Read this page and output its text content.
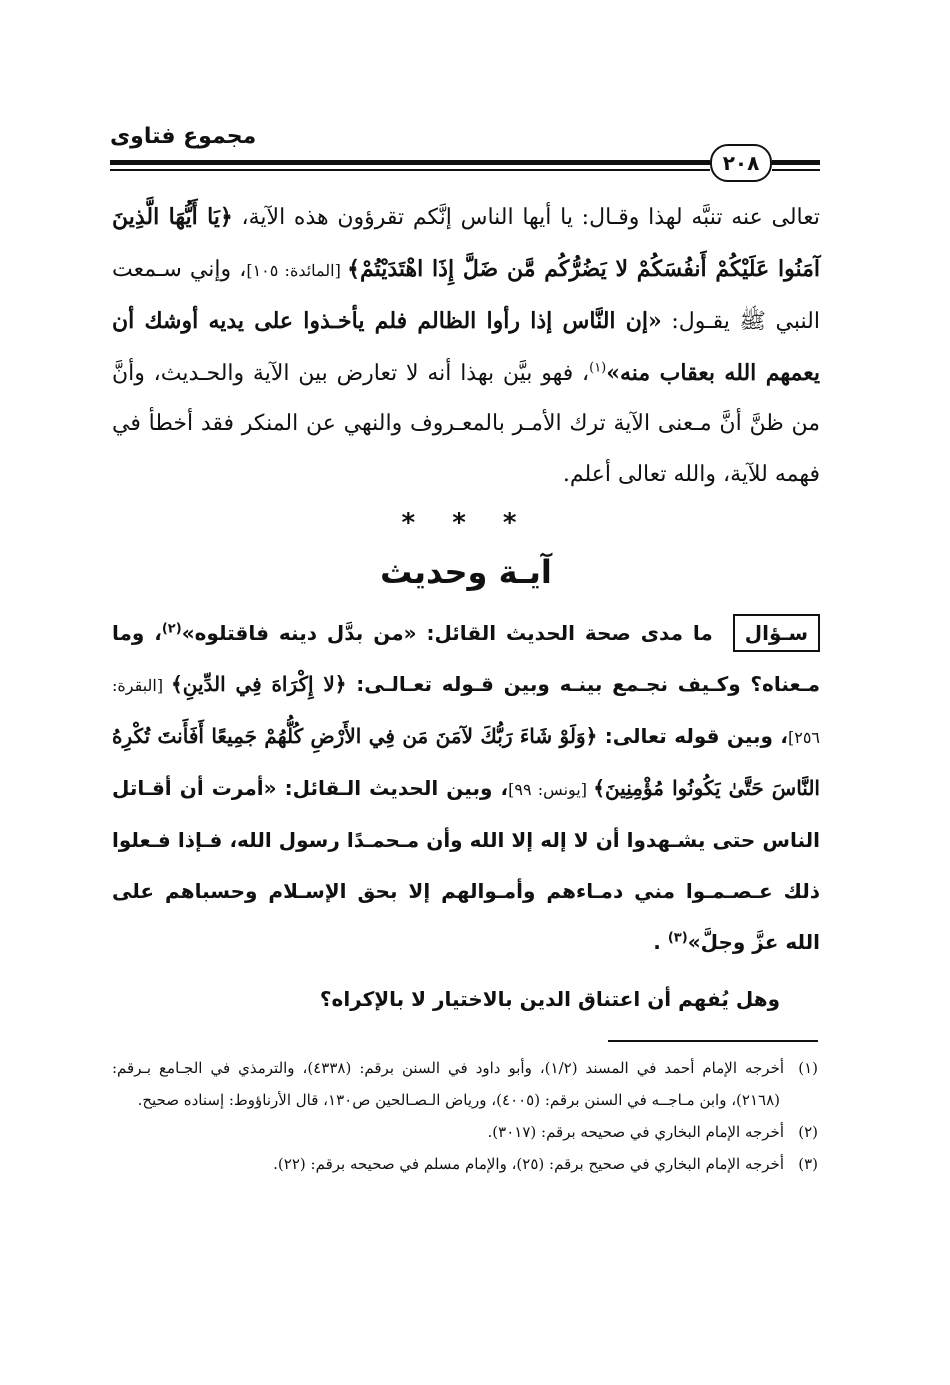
مجموع فتاوى
٢٠٨

تعالى عنه تنبَّه لهذا وقـال: يا أيها الناس إنَّكم تقرؤون هذه الآية، ﴿يَا أَيُّهَا الَّذِينَ آمَنُوا عَلَيْكُمْ أَنفُسَكُمْ لا يَضُرُّكُم مَّن ضَلَّ إِذَا اهْتَدَيْتُمْ﴾ [المائدة: ١٠٥]، وإني سـمعت النبي ﷺ يقـول: «إن النَّاس إذا رأوا الظالم فلم يأخـذوا على يديه أوشك أن يعمهم الله بعقاب منه»$^{(١)}$، فهو بيَّن بهذا أنه لا تعارض بين الآية والحـديث، وأنَّ من ظنَّ أنَّ مـعنى الآية ترك الأمـر بالمعـروف والنهي عن المنكر فقد أخطأ في فهمه للآية، والله تعالى أعلم.

* * *
آيـة وحديث

سـؤال ما مدى صحة الحديث القائل: «من بدَّل دينه فاقتلوه»$^{(٢)}$، وما مـعناه؟ وكـيف نجـمع بينـه وبين قـوله تعـالـى: ﴿لا إِكْرَاهَ فِي الدِّينِ﴾ [البقرة: ٢٥٦]، وبين قوله تعالى: ﴿وَلَوْ شَاءَ رَبُّكَ لآمَنَ مَن فِي الأَرْضِ كُلُّهُمْ جَمِيعًا أَفَأَنتَ تُكْرِهُ النَّاسَ حَتَّىٰ يَكُونُوا مُؤْمِنِينَ﴾ [يونس: ٩٩]، وبين الحديث الـقائل: «أمرت أن أقـاتل الناس حتى يشـهدوا أن لا إله إلا الله وأن مـحمـدًا رسول الله، فـإذا فـعلوا ذلك عـصـمـوا مني دمـاءهم وأمـوالهم إلا بحق الإسـلام وحسباهم على الله عزَّ وجلَّ»$^{(٣)}$ .

وهل يُفهم أن اعتناق الدين بالاختيار لا بالإكراه؟

(١)أخرجه الإمام أحمد في المسند (١/٢)، وأبو داود في السنن برقم: (٤٣٣٨)، والترمذي في الجـامع بـرقم: (٢١٦٨)، وابن مـاجــه في السنن برقم: (٤٠٠٥)، ورياض الـصـالحين ص١٣٠، قال الأرناؤوط: إسناده صحيح.

(٢)أخرجه الإمام البخاري في صحيحه برقم: (٣٠١٧).

(٣)أخرجه الإمام البخاري في صحيح برقم: (٢٥)، والإمام مسلم في صحيحه برقم: (٢٢).
